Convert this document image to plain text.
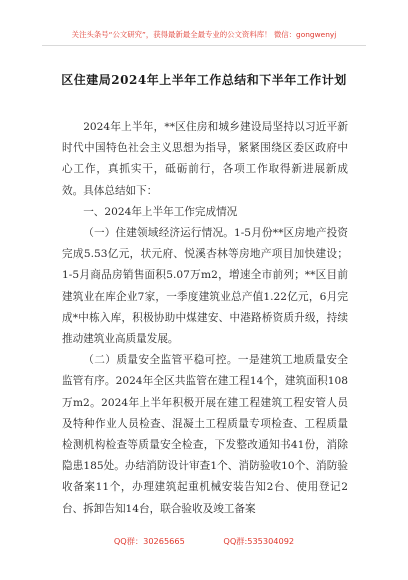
关注头条号“公文研究”，获得最新最全最专业的公文资料库！ 微信：gongwenyj
区住建局2024年上半年工作总结和下半年工作计划

2024年上半年，**区住房和城乡建设局坚持以习近平新时代中国特色社会主义思想为指导，紧紧围绕区委区政府中心工作，真抓实干，砥砺前行，各项工作取得新进展新成效。具体总结如下：

一、2024年上半年工作完成情况

（一）住建领域经济运行情况。1-5月份**区房地产投资完成5.53亿元，状元府、悦溪杏林等房地产项目加快建设；1-5月商品房销售面积5.07万m2，增速全市前列；**区目前建筑业在库企业7家，一季度建筑业总产值1.22亿元，6月完成*中栋入库，积极协助中煤建安、中港路桥资质升级，持续推动建筑业高质量发展。

（二）质量安全监管平稳可控。一是建筑工地质量安全监管有序。2024年全区共监管在建工程14个，建筑面积108万m2。2024年上半年积极开展在建工程建筑工程安管人员及特种作业人员检查、混凝土工程质量专项检查、工程质量检测机构检查等质量安全检查，下发整改通知书41份，消除隐患185处。办结消防设计审查1个、消防验收10个、消防验收备案11个，办理建筑起重机械安装告知2台、使用登记2台、拆卸告知14台，联合验收及竣工备案

QQ群：30265665	QQ群:535304092
